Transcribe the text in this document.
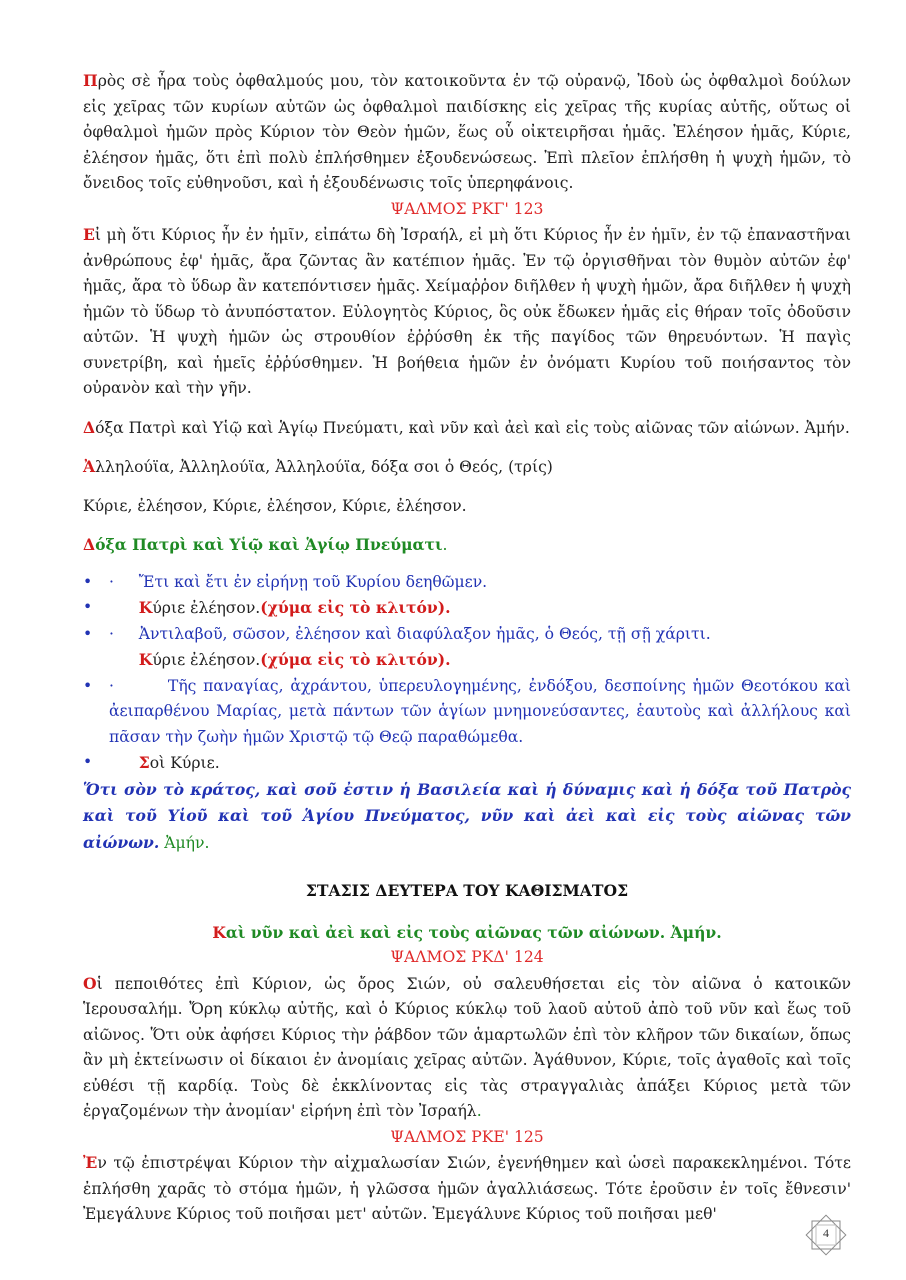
Πρὸς σὲ ἦρα τοὺς ὀφθαλμούς μου, τὸν κατοικοῦντα ἐν τῷ οὐρανῷ, Ἰδοὺ ὡς ὀφθαλμοὶ δούλων εἰς χεῖρας τῶν κυρίων αὐτῶν ὡς ὀφθαλμοὶ παιδίσκης εἰς χεῖρας τῆς κυρίας αὐτῆς, οὕτως οἱ ὀφθαλμοὶ ἡμῶν πρὸς Κύριον τὸν Θεὸν ἡμῶν, ἕως οὗ οἰκτειρῆσαι ἡμᾶς. Ἐλέησον ἡμᾶς, Κύριε, ἐλέησον ἡμᾶς, ὅτι ἐπὶ πολὺ ἐπλήσθημεν ἐξουδενώσεως. Ἐπὶ πλεῖον ἐπλήσθη ἡ ψυχὴ ἡμῶν, τὸ ὄνειδος τοῖς εὐθηνοῦσι, καὶ ἡ ἐξουδένωσις τοῖς ὑπερηφάνοις.

ΨΑΛΜΟΣ ΡΚΓ' 123

Εἰ μὴ ὅτι Κύριος ἦν ἐν ἡμῖν, εἰπάτω δὴ Ἰσραήλ, εἰ μὴ ὅτι Κύριος ἦν ἐν ἡμῖν, ἐν τῷ ἐπαναστῆναι ἀνθρώπους ἐφ' ἡμᾶς, ἄρα ζῶντας ἂν κατέπιον ἡμᾶς. Ἐν τῷ ὀργισθῆναι τὸν θυμὸν αὐτῶν ἐφ' ἡμᾶς, ἄρα τὸ ὕδωρ ἂν κατεπόντισεν ἡμᾶς. Χείμαῤῥον διῆλθεν ἡ ψυχὴ ἡμῶν, ἄρα διῆλθεν ἡ ψυχὴ ἡμῶν τὸ ὕδωρ τὸ ἀνυπόστατον. Εὐλογητὸς Κύριος, ὃς οὐκ ἔδωκεν ἡμᾶς εἰς θήραν τοῖς ὀδοῦσιν αὐτῶν. Ἡ ψυχὴ ἡμῶν ὡς στρουθίον ἐῤῥύσθη ἐκ τῆς παγίδος τῶν θηρευόντων. Ἡ παγὶς συνετρίβη, καὶ ἡμεῖς ἐῤῥύσθημεν. Ἡ βοήθεια ἡμῶν ἐν ὀνόματι Κυρίου τοῦ ποιήσαντος τὸν οὐρανὸν καὶ τὴν γῆν.

Δόξα Πατρὶ καὶ Υἱῷ καὶ Ἁγίῳ Πνεύματι, καὶ νῦν καὶ ἀεὶ καὶ εἰς τοὺς αἰῶνας τῶν αἰώνων. Ἀμήν.

Ἀλληλούϊα, Ἀλληλούϊα, Ἀλληλούϊα, δόξα σοι ὁ Θεός, (τρίς)

Κύριε, ἐλέησον, Κύριε, ἐλέησον, Κύριε, ἐλέησον.

Δόξα Πατρὶ καὶ Υἱῷ καὶ Ἁγίῳ Πνεύματι.

• · Ἔτι καὶ ἔτι ἐν εἰρήνῃ τοῦ Κυρίου δεηθῶμεν.
•	Κύριε ἐλέησον.(χύμα εἰς τὸ κλιτόν).
• · Ἀντιλαβοῦ, σῶσον, ἐλέησον καὶ διαφύλαξον ἡμᾶς, ὁ Θεός, τῇ σῇ χάριτι.
Κύριε ἐλέησον.(χύμα εἰς τὸ κλιτόν).
• ·	Τῆς παναγίας, ἀχράντου, ὑπερευλογημένης, ἐνδόξου, δεσποίνης ἡμῶν Θεοτόκου καὶ ἀειπαρθένου Μαρίας, μετὰ πάντων τῶν ἁγίων μνημονεύσαντες, ἑαυτοὺς καὶ ἀλλήλους καὶ πᾶσαν τὴν ζωὴν ἡμῶν Χριστῷ τῷ Θεῷ παραθώμεθα.
•	Σοὶ Κύριε.

Ὅτι σὸν τὸ κράτος, καὶ σοῦ ἐστιν ἡ Βασιλεία καὶ ἡ δύναμις καὶ ἡ δόξα τοῦ Πατρὸς καὶ τοῦ Υἱοῦ καὶ τοῦ Ἁγίου Πνεύματος, νῦν καὶ ἀεὶ καὶ εἰς τοὺς αἰῶνας τῶν αἰώνων. Ἀμήν.

ΣΤΑΣΙΣ ΔΕΥΤΕΡΑ ΤΟΥ ΚΑΘΙΣΜΑΤΟΣ
Καὶ νῦν καὶ ἀεὶ καὶ εἰς τοὺς αἰῶνας τῶν αἰώνων. Ἀμήν.
ΨΑΛΜΟΣ ΡΚΔ' 124

Οἱ πεποιθότες ἐπὶ Κύριον, ὡς ὄρος Σιών, οὐ σαλευθήσεται εἰς τὸν αἰῶνα ὁ κατοικῶν Ἱερουσαλήμ. Ὄρη κύκλῳ αὐτῆς, καὶ ὁ Κύριος κύκλῳ τοῦ λαοῦ αὐτοῦ ἀπὸ τοῦ νῦν καὶ ἕως τοῦ αἰῶνος. Ὅτι οὐκ ἀφήσει Κύριος τὴν ῥάβδον τῶν ἁμαρτωλῶν ἐπὶ τὸν κλῆρον τῶν δικαίων, ὅπως ἂν μὴ ἐκτείνωσιν οἱ δίκαιοι ἐν ἀνομίαις χεῖρας αὐτῶν. Ἀγάθυνον, Κύριε, τοῖς ἀγαθοῖς καὶ τοῖς εὐθέσι τῇ καρδίᾳ. Τοὺς δὲ ἐκκλίνοντας εἰς τὰς στραγγαλιὰς ἀπάξει Κύριος μετὰ τῶν ἐργαζομένων τὴν ἀνομίαν' εἰρήνη ἐπὶ τὸν Ἰσραήλ.

ΨΑΛΜΟΣ ΡΚΕ' 125

Ἐν τῷ ἐπιστρέψαι Κύριον τὴν αἰχμαλωσίαν Σιών, ἐγενήθημεν καὶ ὡσεὶ παρακεκλημένοι. Τότε ἐπλήσθη χαρᾶς τὸ στόμα ἡμῶν, ἡ γλῶσσα ἡμῶν ἀγαλλιάσεως. Τότε ἐροῦσιν ἐν τοῖς ἔθνεσιν' Ἐμεγάλυνε Κύριος τοῦ ποιῆσαι μετ' αὐτῶν. Ἐμεγάλυνε Κύριος τοῦ ποιῆσαι μεθ'

4
